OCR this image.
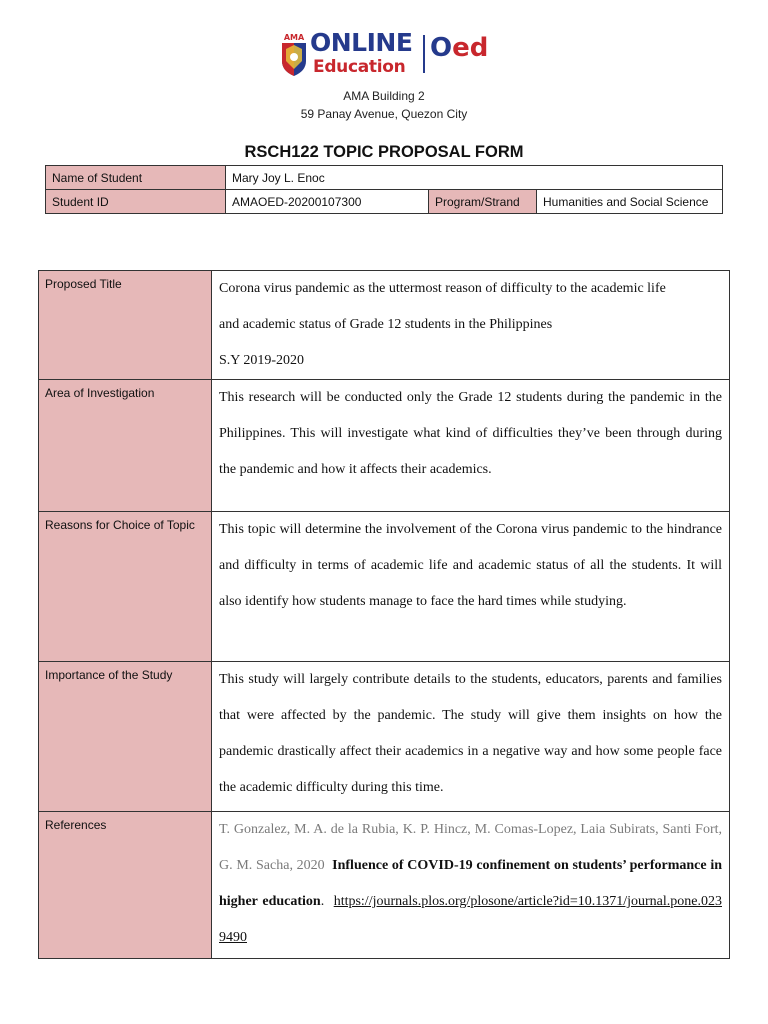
AMA ONLINE
Education
Oed
AMA Building 2
59 Panay Avenue, Quezon City
RSCH122 TOPIC PROPOSAL FORM
Name of Student	Mary Joy L. Enoc		
Student ID	AMAOED-20200107300	Program/Strand	Humanities and Social Science
Proposed Title	Corona virus pandemic as the uttermost reason of difficulty to the academic life
and academic status of Grade 12 students in the Philippines
S.Y 2019-2020

Area of Investigation	This research will be conducted only the Grade 12 students during the pandemic in the Philippines. This will investigate what kind of difficulties they’ve been through during the pandemic and how it affects their academics.

Reasons for Choice of Topic	This topic will determine the involvement of the Corona virus pandemic to the hindrance and difficulty in terms of academic life and academic status of all the students. It will also identify how students manage to face the hard times while studying.

Importance of the Study	This study will largely contribute details to the students, educators, parents and families that were affected by the pandemic. The study will give them insights on how the pandemic drastically affect their academics in a negative way and how some people face the academic difficulty during this time.

References	T. Gonzalez, M. A. de la Rubia, K. P. Hincz, M. Comas-Lopez, Laia Subirats, Santi Fort, G. M. Sacha, 2020 Influence of COVID-19 confinement on students’ performance in higher education. https://journals.plos.org/plosone/article?id=10.1371/journal.pone.0239490
